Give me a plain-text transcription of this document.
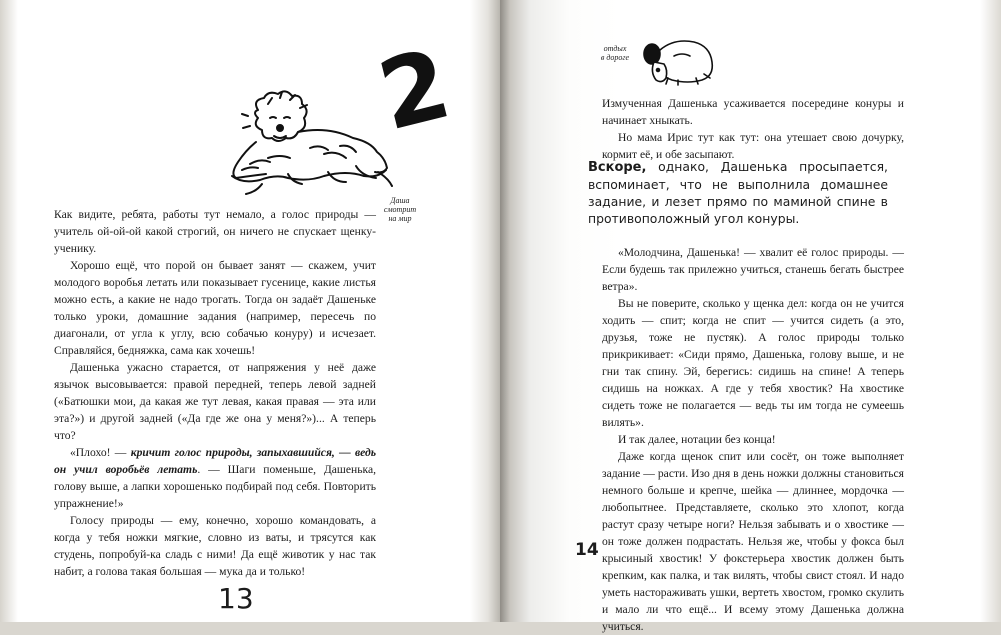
2
Даша
смотрит
на мир

Как видите, ребята, работы тут немало, а голос природы — учитель ой-ой-ой какой строгий, он ничего не спускает щенку-ученику.

Хорошо ещё, что порой он бывает занят — скажем, учит молодого воробья летать или показывает гусенице, какие листья можно есть, а какие не надо трогать. Тогда он задаёт Дашеньке только уроки, домашние задания (например, пересечь по диагонали, от угла к углу, всю собачью конуру) и исчезает. Справляйся, бедняжка, сама как хочешь!

Дашенька ужасно старается, от напряжения у неё даже язычок высовывается: правой передней, теперь левой задней («Батюшки мои, да какая же тут левая, какая правая — эта или эта?») и другой задней («Да где же она у меня?»)... А теперь что?

«Плохо! — кричит голос природы, запыхавшийся, — ведь он учил воробьёв летать. — Шаги поменьше, Дашенька, голову выше, а лапки хорошенько подбирай под себя. Повторить упражнение!»

Голосу природы — ему, конечно, хорошо командовать, а когда у тебя ножки мягкие, словно из ваты, и трясутся как студень, попробуй-ка сладь с ними! Да ещё животик у нас так набит, а голова такая большая — мука да и только!

13
отдых
в дороге

Измученная Дашенька усаживается посередине конуры и начинает хныкать.

Но мама Ирис тут как тут: она утешает свою дочурку, кормит её, и обе засыпают.

Вскоре, однако, Дашенька просыпается, вспоминает, что не выполнила домашнее задание, и лезет прямо по маминой спине в противоположный угол конуры.

«Молодчина, Дашенька! — хвалит её голос природы. — Если будешь так прилежно учиться, станешь бегать быстрее ветра».

Вы не поверите, сколько у щенка дел: когда он не учится ходить — спит; когда не спит — учится сидеть (а это, друзья, тоже не пустяк). А голос природы только прикрикивает: «Сиди прямо, Дашенька, голову выше, и не гни так спину. Эй, берегись: сидишь на спине! А теперь сидишь на ножках. А где у тебя хвостик? На хвостике сидеть тоже не полагается — ведь ты им тогда не сумеешь вилять».

И так далее, нотации без конца!

Даже когда щенок спит или сосёт, он тоже выполняет задание — расти. Изо дня в день ножки должны становиться немного больше и крепче, шейка — длиннее, мордочка — любопытнее. Представляете, сколько это хлопот, когда растут сразу четыре ноги? Нельзя забывать и о хвостике — он тоже должен подрастать. Нельзя же, чтобы у фокса был крысиный хвостик! У фокстерьера хвостик должен быть крепким, как палка, и так вилять, чтобы свист стоял. И надо уметь настораживать ушки, вертеть хвостом, громко скулить и мало ли что ещё... И всему этому Дашенька должна учиться.

14
